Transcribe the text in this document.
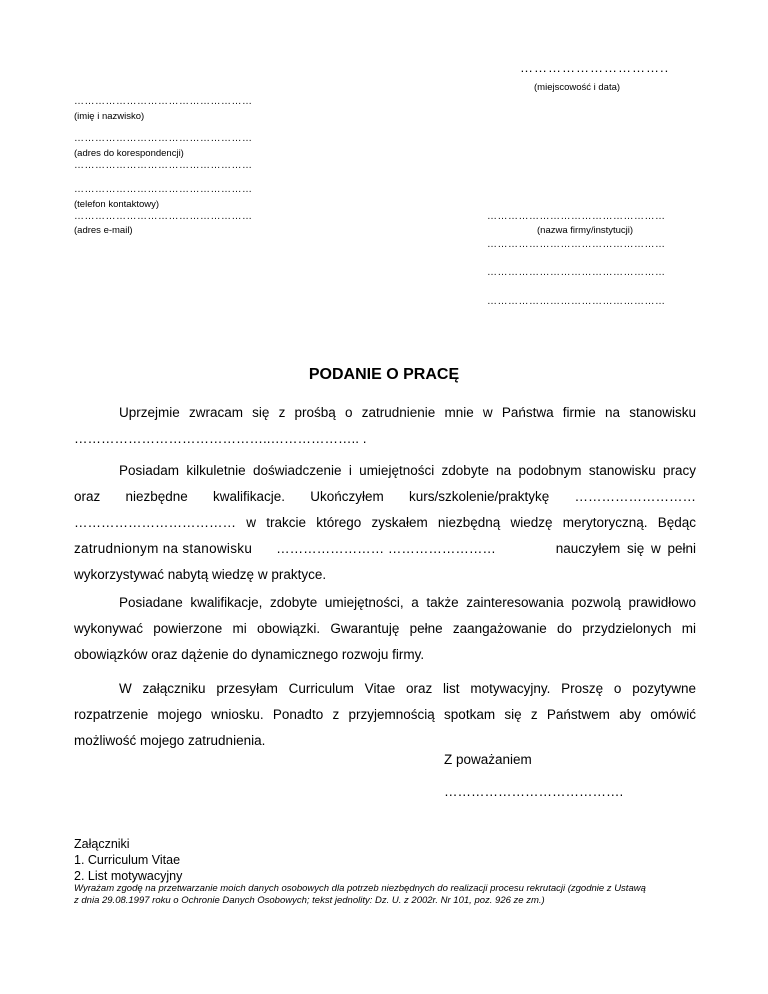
…………………………..
(miejscowość i data)
……………………………………………
(imię i nazwisko)
……………………………………………
(adres do korespondencji)
……………………………………………
……………………………………………
(telefon kontaktowy)
……………………………………………
(adres e-mail)
……………………………………………
(nazwa firmy/instytucji)
……………………………………………
……………………………………………
……………………………………………
PODANIE O PRACĘ
Uprzejmie zwracam się z prośbą o zatrudnienie mnie w Państwa firmie na stanowisku
……………………………………..……………….. .
Posiadam kilkuletnie doświadczenie i umiejętności zdobyte na podobnym stanowisku pracy
oraz niezbędne kwalifikacje. Ukończyłem kurs/szkolenie/praktykę ………………………
……………………………… w trakcie którego zyskałem niezbędną wiedzę merytoryczną. Będąc
zatrudnionym na stanowisku …………………… ……………………	nauczyłem się w pełni
wykorzystywać nabytą wiedzę w praktyce.
Posiadane kwalifikacje, zdobyte umiejętności, a także zainteresowania pozwolą prawidłowo
wykonywać powierzone mi obowiązki. Gwarantuję pełne zaangażowanie do przydzielonych mi
obowiązków oraz dążenie do dynamicznego rozwoju firmy.
W załączniku przesyłam Curriculum Vitae oraz list motywacyjny. Proszę o pozytywne
rozpatrzenie mojego wniosku. Ponadto z przyjemnością spotkam się z Państwem aby omówić
możliwość mojego zatrudnienia.
Z poważaniem
………………………………….
Załączniki
1. Curriculum Vitae
2. List motywacyjny
Wyrażam zgodę na przetwarzanie moich danych osobowych dla potrzeb niezbędnych do realizacji procesu rekrutacji (zgodnie z Ustawą
z dnia 29.08.1997 roku o Ochronie Danych Osobowych; tekst jednolity: Dz. U. z 2002r. Nr 101, poz. 926 ze zm.)
